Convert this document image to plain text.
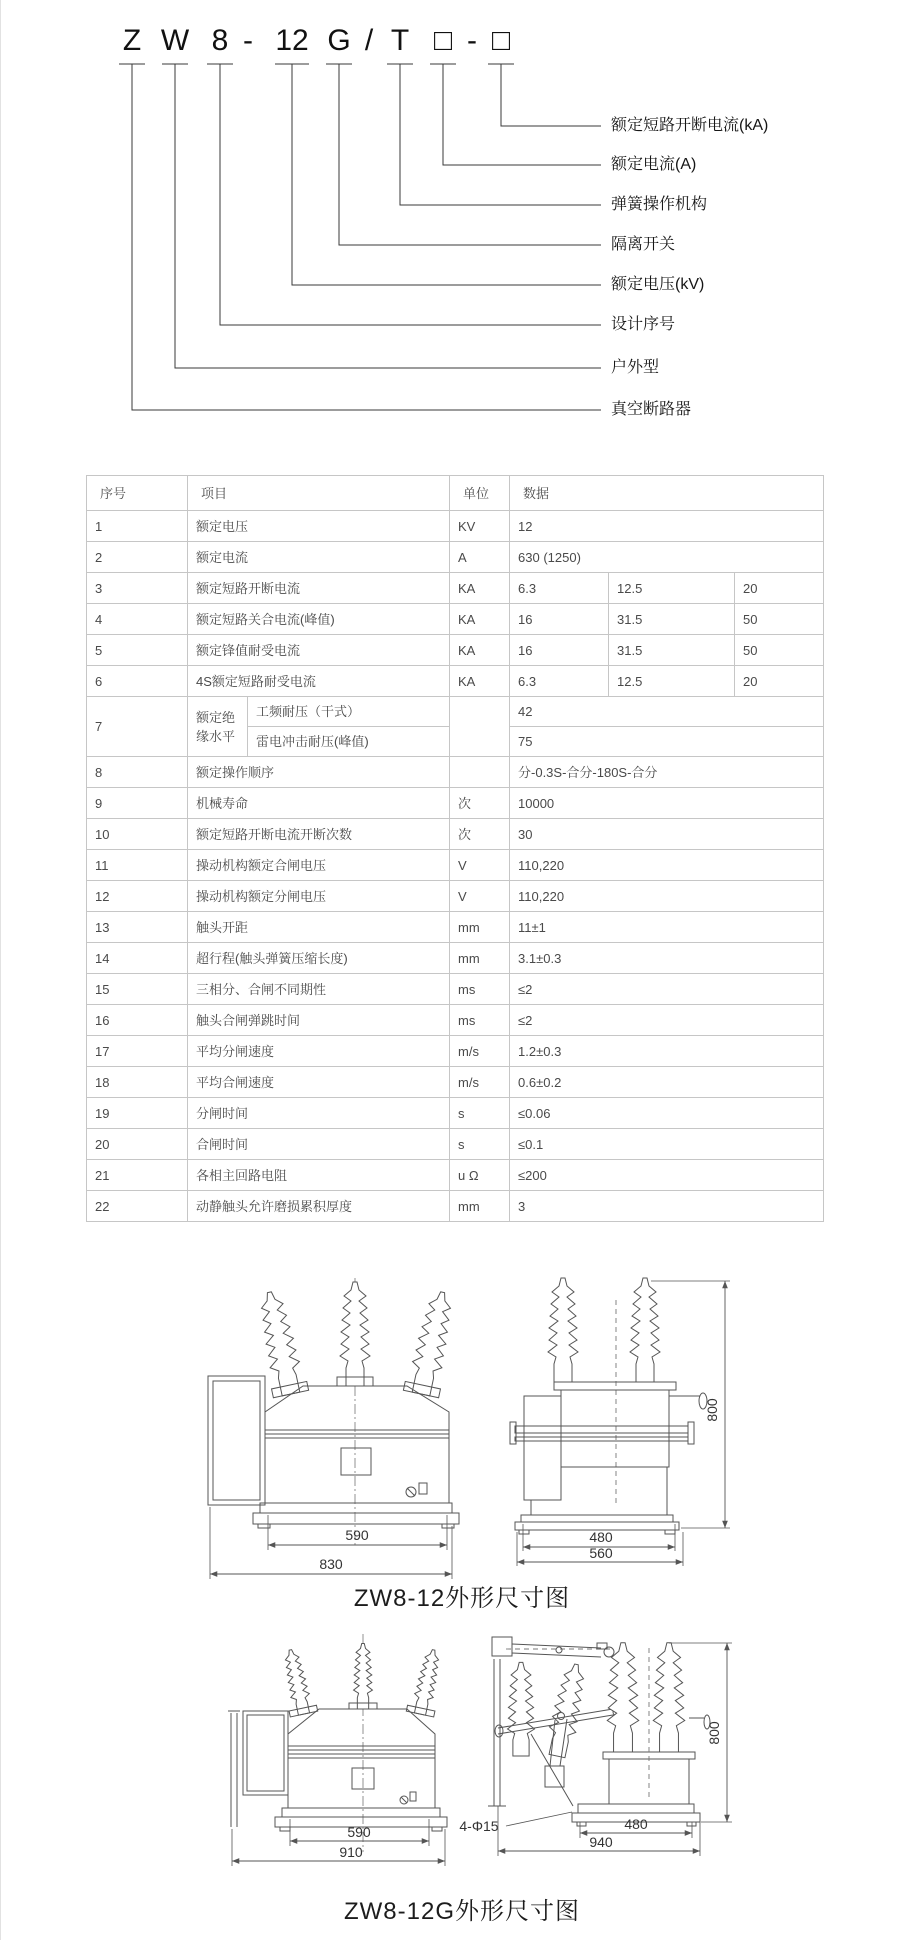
Z W 8 - 12 G / T □ - □
额定短路开断电流(kA)
额定电流(A)
弹簧操作机构
隔离开关
额定电压(kV)
设计序号
户外型
真空断路器
序号	项目		单位	数据		
1	额定电压		KV	12		
2	额定电流		A	630 (1250)		
3	额定短路开断电流		KA	6.3	12.5	20
4	额定短路关合电流(峰值)		KA	16	31.5	50
5	额定锋值耐受电流		KA	16	31.5	50
6	4S额定短路耐受电流		KA	6.3	12.5	20
7	额定绝缘水平	工频耐压（干式）		42		
		雷电冲击耐压(峰值)		75		
8	额定操作顺序			分-0.3S-合分-180S-合分		
9	机械寿命		次	10000		
10	额定短路开断电流开断次数		次	30		
11	操动机构额定合闸电压		V	110,220		
12	操动机构额定分闸电压		V	110,220		
13	触头开距		mm	11±1		
14	超行程(触头弹簧压缩长度)		mm	3.1±0.3		
15	三相分、合闸不同期性		ms	≤2		
16	触头合闸弹跳时间		ms	≤2		
17	平均分闸速度		m/s	1.2±0.3		
18	平均合闸速度		m/s	0.6±0.2		
19	分闸时间		s	≤0.06		
20	合闸时间		s	≤0.1		
21	各相主回路电阻		u Ω	≤200		
22	动静触头允许磨损累积厚度		mm	3		
590
830
480
560
800
ZW8-12外形尺寸图
590
910
4-Φ15	480
940
800
ZW8-12G外形尺寸图
